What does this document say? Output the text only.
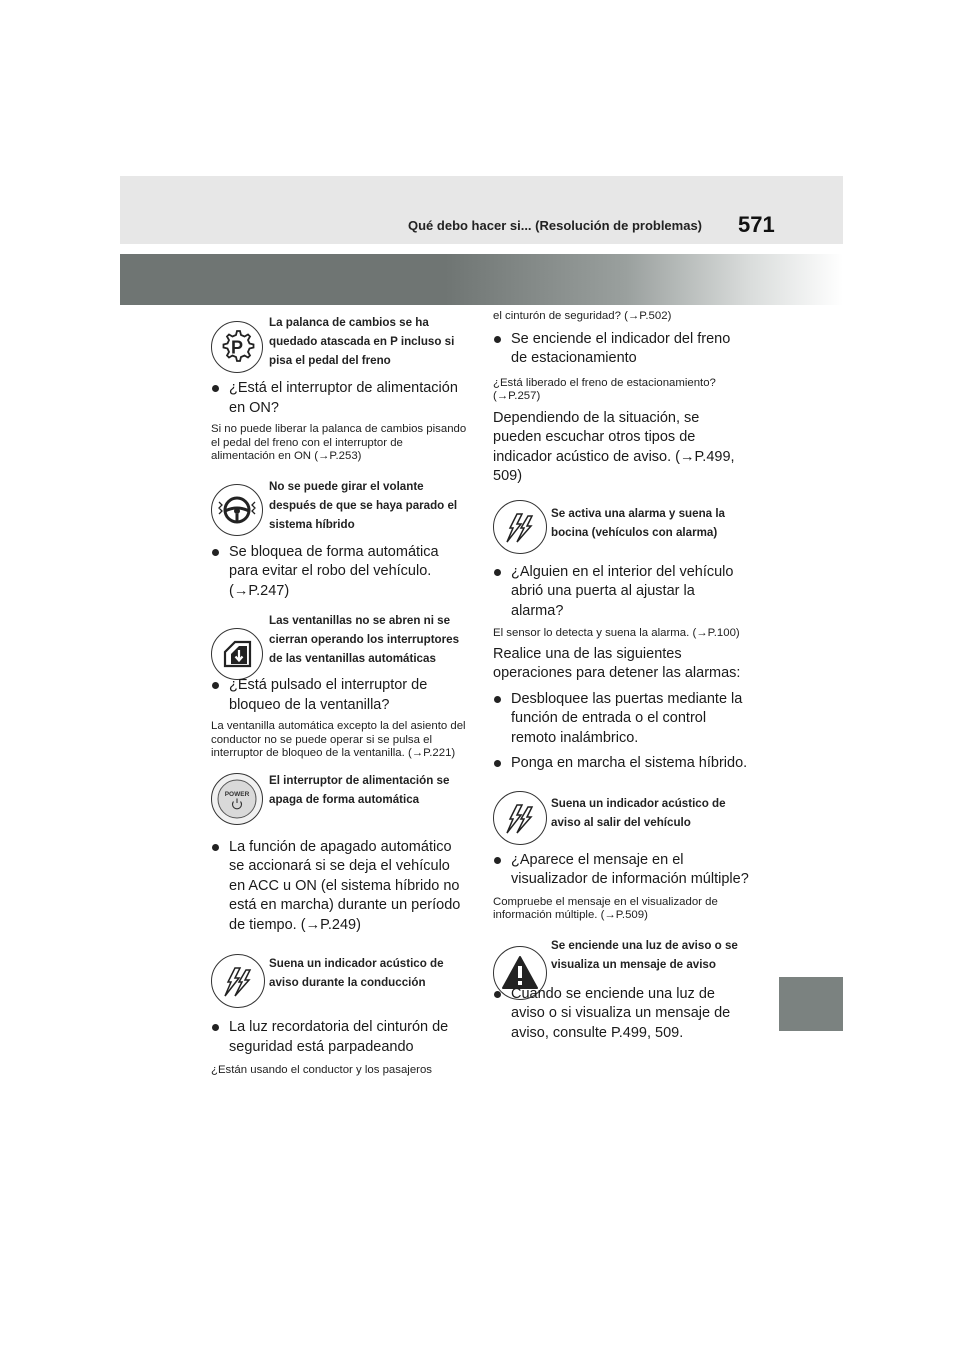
Qué debo hacer si... (Resolución de problemas) 571
P
La palanca de cambios se ha quedado atascada en P incluso si pisa el pedal del freno
¿Está el interruptor de alimentación en ON?
Si no puede liberar la palanca de cambios pisando el pedal del freno con el interruptor de alimentación en ON (→P.253)
No se puede girar el volante después de que se haya parado el sistema híbrido
Se bloquea de forma automática para evitar el robo del vehículo. (→P.247)
Las ventanillas no se abren ni se cierran operando los interruptores de las ventanillas automáticas
¿Está pulsado el interruptor de bloqueo de la ventanilla?
La ventanilla automática excepto la del asiento del conductor no se puede operar si se pulsa el interruptor de bloqueo de la ventanilla. (→P.221)
POWER
El interruptor de alimentación se apaga de forma automática
La función de apagado automático se accionará si se deja el vehículo en ACC u ON (el sistema híbrido no está en marcha) durante un período de tiempo. (→P.249)
Suena un indicador acústico de aviso durante la conducción
La luz recordatoria del cinturón de seguridad está parpadeando
¿Están usando el conductor y los pasajeros
el cinturón de seguridad? (→P.502)
Se enciende el indicador del freno de estacionamiento
¿Está liberado el freno de estacionamiento? (→P.257)
Dependiendo de la situación, se pueden escuchar otros tipos de indicador acústico de aviso. (→P.499, 509)
Se activa una alarma y suena la bocina (vehículos con alarma)
¿Alguien en el interior del vehículo abrió una puerta al ajustar la alarma?
El sensor lo detecta y suena la alarma. (→P.100)
Realice una de las siguientes operaciones para detener las alarmas:
Desbloquee las puertas mediante la función de entrada o el control remoto inalámbrico.
Ponga en marcha el sistema híbrido.
Suena un indicador acústico de aviso al salir del vehículo
¿Aparece el mensaje en el visualizador de información múltiple?
Compruebe el mensaje en el visualizador de información múltiple. (→P.509)
Se enciende una luz de aviso o se visualiza un mensaje de aviso
Cuando se enciende una luz de aviso o si visualiza un mensaje de aviso, consulte P.499, 509.
